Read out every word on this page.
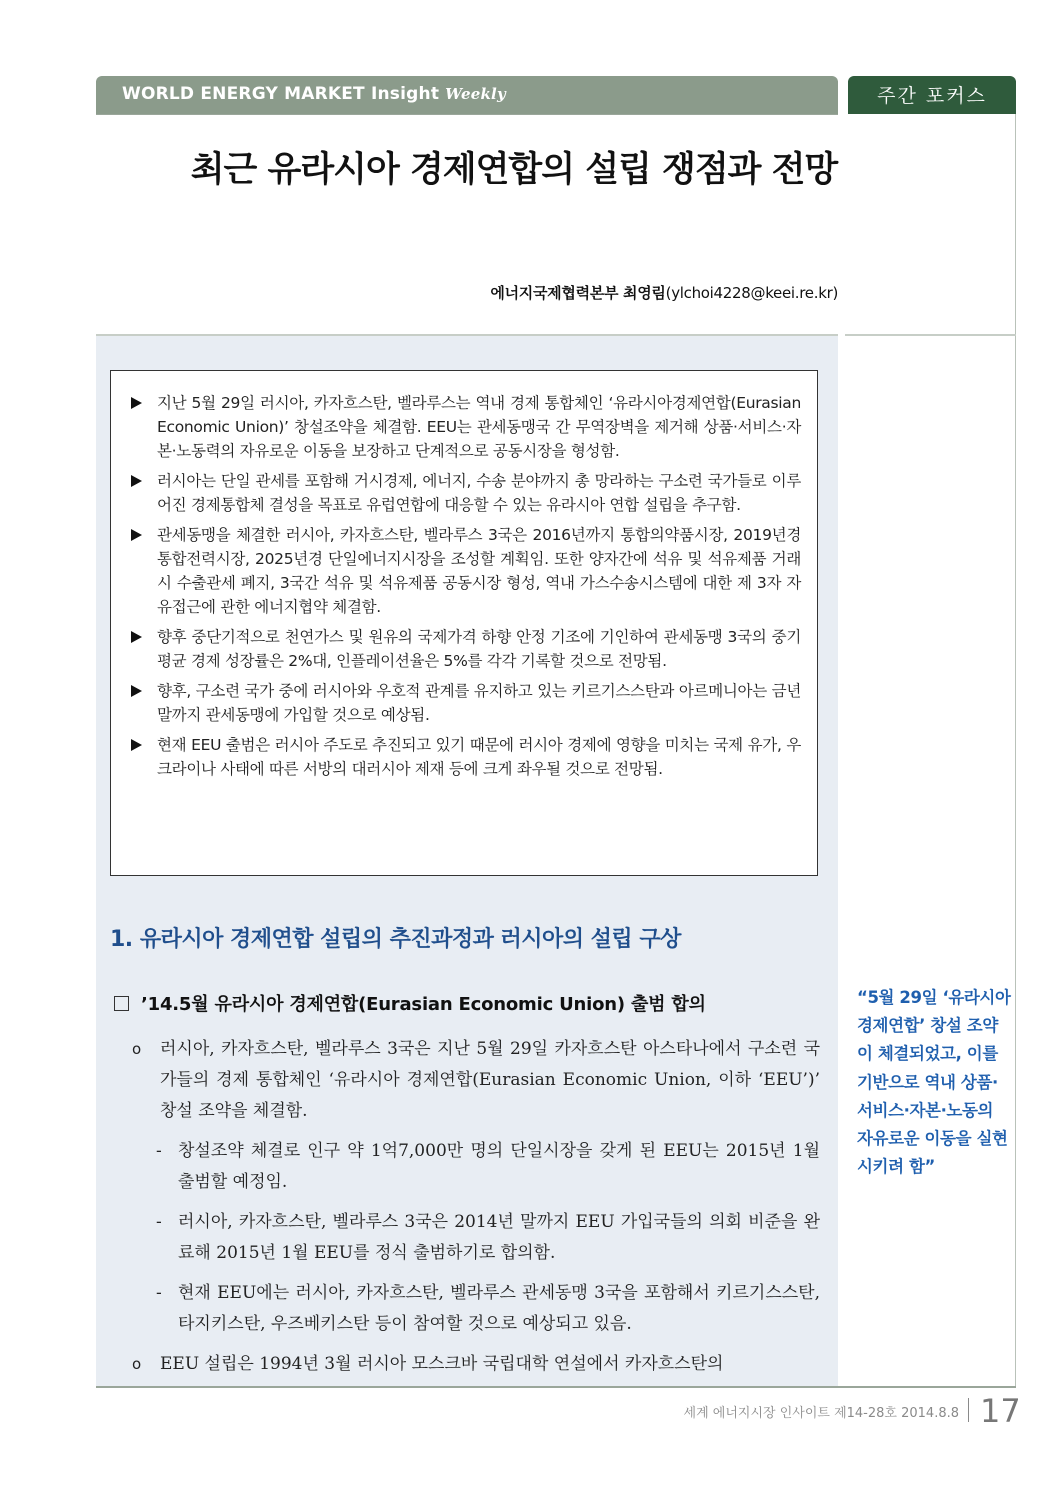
WORLD ENERGY MARKET Insight Weekly	주간 포커스
최근 유라시아 경제연합의 설립 쟁점과 전망
에너지국제협력본부 최영림(ylchoi4228@keei.re.kr)
지난 5월 29일 러시아, 카자흐스탄, 벨라루스는 역내 경제 통합체인 ‘유라시아경제연합(Eurasian Economic Union)’ 창설조약을 체결함. EEU는 관세동맹국 간 무역장벽을 제거해 상품·서비스·자본·노동력의 자유로운 이동을 보장하고 단계적으로 공동시장을 형성함.
러시아는 단일 관세를 포함해 거시경제, 에너지, 수송 분야까지 총 망라하는 구소련 국가들로 이루어진 경제통합체 결성을 목표로 유럽연합에 대응할 수 있는 유라시아 연합 설립을 추구함.
관세동맹을 체결한 러시아, 카자흐스탄, 벨라루스 3국은 2016년까지 통합의약품시장, 2019년경 통합전력시장, 2025년경 단일에너지시장을 조성할 계획임. 또한 양자간에 석유 및 석유제품 거래 시 수출관세 폐지, 3국간 석유 및 석유제품 공동시장 형성, 역내 가스수송시스템에 대한 제 3자 자유접근에 관한 에너지협약 체결함.
향후 중단기적으로 천연가스 및 원유의 국제가격 하향 안정 기조에 기인하여 관세동맹 3국의 중기 평균 경제 성장률은 2%대, 인플레이션율은 5%를 각각 기록할 것으로 전망됨.
향후, 구소련 국가 중에 러시아와 우호적 관계를 유지하고 있는 키르기스스탄과 아르메니아는 금년 말까지 관세동맹에 가입할 것으로 예상됨.
현재 EEU 출범은 러시아 주도로 추진되고 있기 때문에 러시아 경제에 영향을 미치는 국제 유가, 우크라이나 사태에 따른 서방의 대러시아 제재 등에 크게 좌우될 것으로 전망됨.
1. 유라시아 경제연합 설립의 추진과정과 러시아의 설립 구상
’14.5월 유라시아 경제연합(Eurasian Economic Union) 출범 합의
o 러시아, 카자흐스탄, 벨라루스 3국은 지난 5월 29일 카자흐스탄 아스타나에서 구소련 국가들의 경제 통합체인 ‘유라시아 경제연합(Eurasian Economic Union, 이하 ‘EEU’)’ 창설 조약을 체결함.
- 창설조약 체결로 인구 약 1억7,000만 명의 단일시장을 갖게 된 EEU는 2015년 1월 출범할 예정임.
- 러시아, 카자흐스탄, 벨라루스 3국은 2014년 말까지 EEU 가입국들의 의회 비준을 완료해 2015년 1월 EEU를 정식 출범하기로 합의함.
- 현재 EEU에는 러시아, 카자흐스탄, 벨라루스 관세동맹 3국을 포함해서 키르기스스탄, 타지키스탄, 우즈베키스탄 등이 참여할 것으로 예상되고 있음.
o EEU 설립은 1994년 3월 러시아 모스크바 국립대학 연설에서 카자흐스탄의
“5월 29일 ‘유라시아 경제연합’ 창설 조약이 체결되었고, 이를 기반으로 역내 상품·서비스·자본·노동의 자유로운 이동을 실현시키려 함”
세계 에너지시장 인사이트 제14-28호 2014.8.8 17
